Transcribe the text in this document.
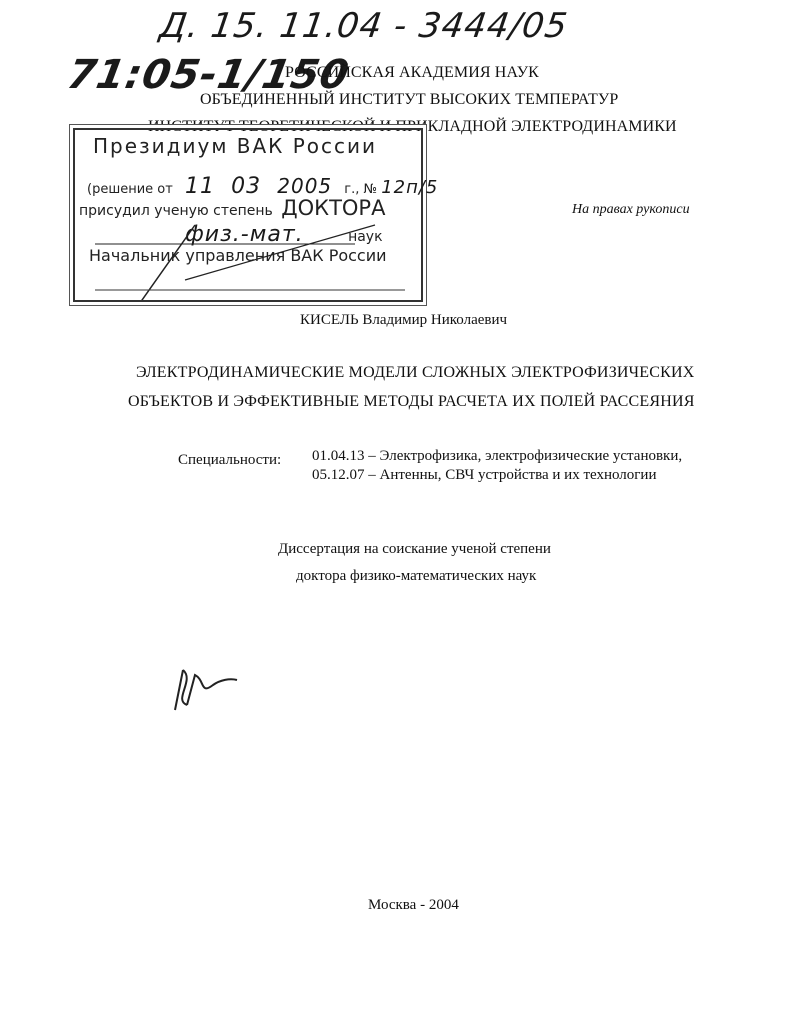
Д. 15. 11.04 - 3444/05
71:05-1/150
РОССИЙСКАЯ АКАДЕМИЯ НАУК
ОБЪЕДИНЕННЫЙ ИНСТИТУТ ВЫСОКИХ ТЕМПЕРАТУР
ИНСТИТУТ ТЕОРЕТИЧЕСКОЙ И ПРИКЛАДНОЙ ЭЛЕКТРОДИНАМИКИ
Президиум ВАК России
(решение от 11 03 2005 г., № 12п/5
присудил ученую степень ДОКТОРА
физ.-мат.	наук
Начальник управления ВАК России
На правах рукописи
КИСЕЛЬ Владимир Николаевич
ЭЛЕКТРОДИНАМИЧЕСКИЕ МОДЕЛИ СЛОЖНЫХ ЭЛЕКТРОФИЗИЧЕСКИХ
ОБЪЕКТОВ И ЭФФЕКТИВНЫЕ МЕТОДЫ РАСЧЕТА ИХ ПОЛЕЙ РАССЕЯНИЯ
Специальности: 01.04.13 – Электрофизика, электрофизические установки,
05.12.07 – Антенны, СВЧ устройства и их технологии
Диссертация на соискание ученой степени
доктора физико-математических наук
Москва - 2004
